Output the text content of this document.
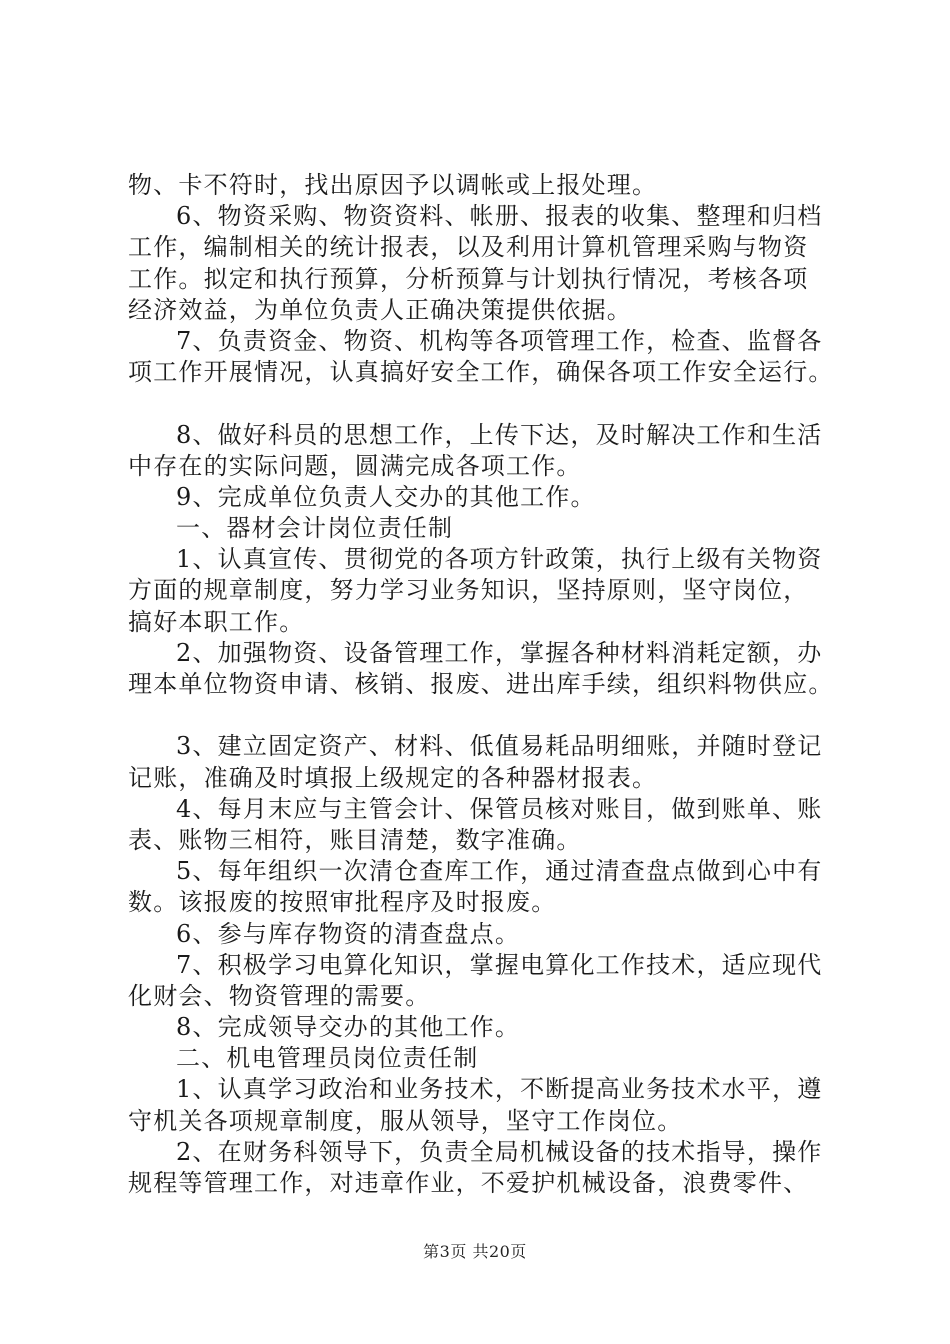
物、卡不符时，找出原因予以调帐或上报处理。
6、物资采购、物资资料、帐册、报表的收集、整理和归档
工作，编制相关的统计报表，以及利用计算机管理采购与物资
工作。拟定和执行预算，分析预算与计划执行情况，考核各项
经济效益，为单位负责人正确决策提供依据。
7、负责资金、物资、机构等各项管理工作，检查、监督各
项工作开展情况，认真搞好安全工作，确保各项工作安全运行。
8、做好科员的思想工作，上传下达，及时解决工作和生活
中存在的实际问题，圆满完成各项工作。
9、完成单位负责人交办的其他工作。
一、器材会计岗位责任制
1、认真宣传、贯彻党的各项方针政策，执行上级有关物资
方面的规章制度，努力学习业务知识，坚持原则，坚守岗位，
搞好本职工作。
2、加强物资、设备管理工作，掌握各种材料消耗定额，办
理本单位物资申请、核销、报废、进出库手续，组织料物供应。
3、建立固定资产、材料、低值易耗品明细账，并随时登记
记账，准确及时填报上级规定的各种器材报表。
4、每月末应与主管会计、保管员核对账目，做到账单、账
表、账物三相符，账目清楚，数字准确。
5、每年组织一次清仓查库工作，通过清查盘点做到心中有
数。该报废的按照审批程序及时报废。
6、参与库存物资的清查盘点。
7、积极学习电算化知识，掌握电算化工作技术，适应现代
化财会、物资管理的需要。
8、完成领导交办的其他工作。
二、机电管理员岗位责任制
1、认真学习政治和业务技术，不断提高业务技术水平，遵
守机关各项规章制度，服从领导，坚守工作岗位。
2、在财务科领导下，负责全局机械设备的技术指导，操作
规程等管理工作，对违章作业，不爱护机械设备，浪费零件、
第3页 共20页
